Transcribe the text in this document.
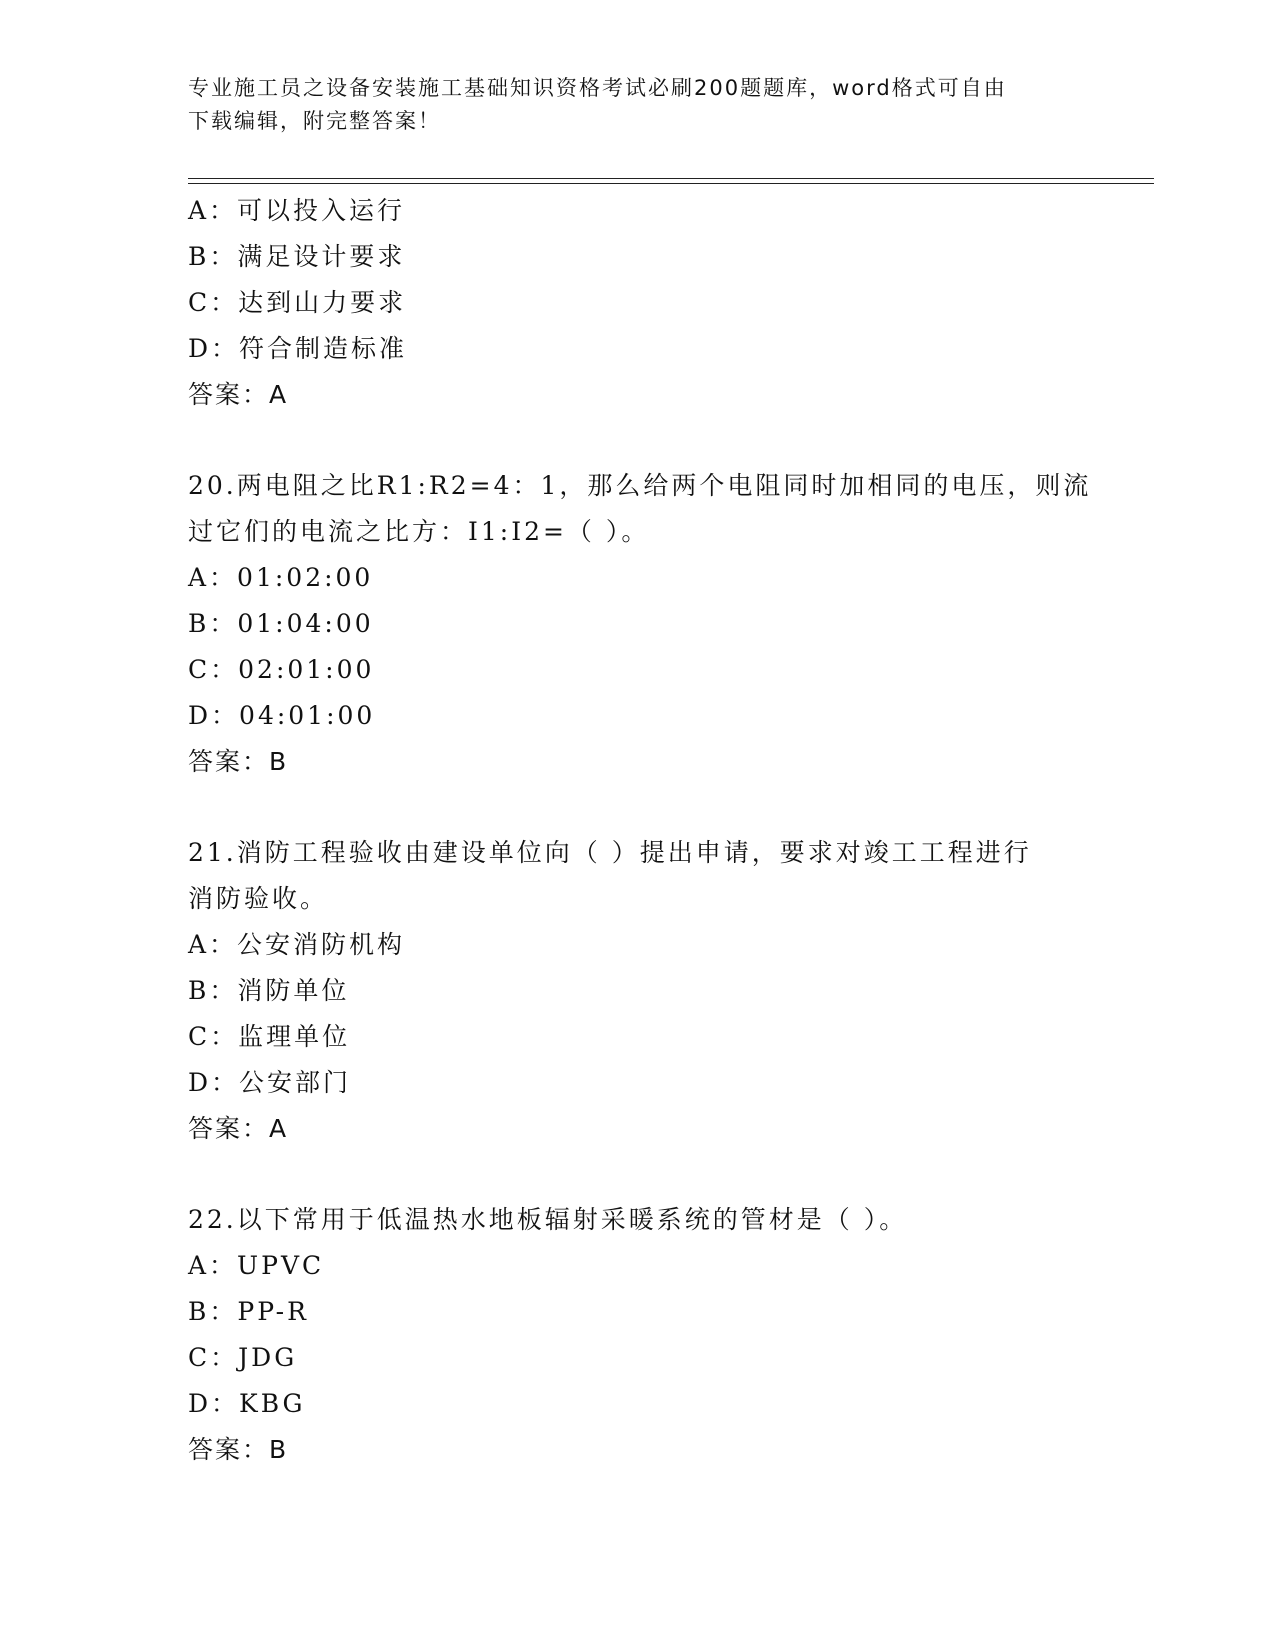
专业施工员之设备安装施工基础知识资格考试必刷200题题库，word格式可自由
下载编辑，附完整答案！
A：可以投入运行
B：满足设计要求
C：达到山力要求
D：符合制造标准
答案：A
20.两电阻之比R1:R2=4：1，那么给两个电阻同时加相同的电压，则流
过它们的电流之比方：I1:I2=（ ）。
A：01:02:00
B：01:04:00
C：02:01:00
D：04:01:00
答案：B
21.消防工程验收由建设单位向（ ）提出申请，要求对竣工工程进行
消防验收。
A：公安消防机构
B：消防单位
C：监理单位
D：公安部门
答案：A
22.以下常用于低温热水地板辐射采暖系统的管材是（ ）。
A：UPVC
B：PP-R
C：JDG
D：KBG
答案：B
